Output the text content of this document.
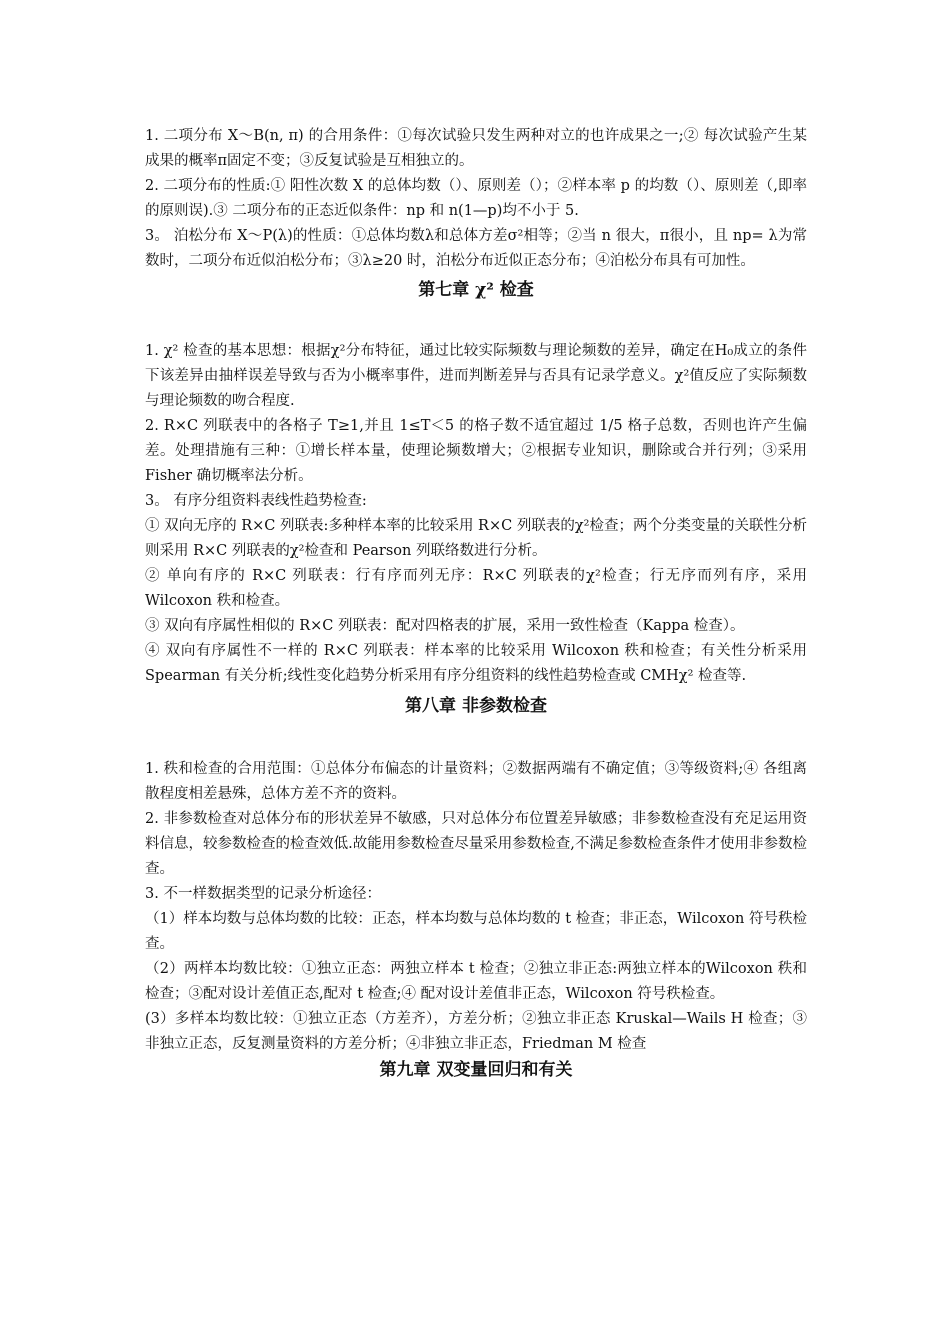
1. 二项分布 X～B(n, π) 的合用条件：①每次试验只发生两种对立的也许成果之一;② 每次试验产生某成果的概率π固定不变；③反复试验是互相独立的。

2. 二项分布的性质:① 阳性次数 X 的总体均数（）、原则差（）；②样本率 p 的均数（）、原则差（,即率的原则误).③ 二项分布的正态近似条件：np 和 n(1—p)均不小于 5.

3。 泊松分布 X～P(λ)的性质：①总体均数λ和总体方差σ²相等；②当 n 很大，π很小，且 np= λ为常数时，二项分布近似泊松分布；③λ≥20 时，泊松分布近似正态分布；④泊松分布具有可加性。

第七章 χ² 检查

1. χ² 检查的基本思想：根据χ²分布特征，通过比较实际频数与理论频数的差异，确定在H₀成立的条件下该差异由抽样误差导致与否为小概率事件，进而判断差异与否具有记录学意义。χ²值反应了实际频数与理论频数的吻合程度.

2. R×C 列联表中的各格子 T≥1,并且 1≤T＜5 的格子数不适宜超过 1/5 格子总数，否则也许产生偏差。处理措施有三种：①增长样本量，使理论频数增大；②根据专业知识，删除或合并行列；③采用 Fisher 确切概率法分析。

3。 有序分组资料表线性趋势检查:

① 双向无序的 R×C 列联表:多种样本率的比较采用 R×C 列联表的χ²检查；两个分类变量的关联性分析则采用 R×C 列联表的χ²检查和 Pearson 列联络数进行分析。

② 单向有序的 R×C 列联表：行有序而列无序：R×C 列联表的χ²检查；行无序而列有序，采用 Wilcoxon 秩和检查。

③ 双向有序属性相似的 R×C 列联表：配对四格表的扩展，采用一致性检查（Kappa 检查）。

④ 双向有序属性不一样的 R×C 列联表：样本率的比较采用 Wilcoxon 秩和检查；有关性分析采用 Spearman 有关分析;线性变化趋势分析采用有序分组资料的线性趋势检查或 CMHχ² 检查等.

第八章 非参数检查

1. 秩和检查的合用范围：①总体分布偏态的计量资料；②数据两端有不确定值；③等级资料;④ 各组离散程度相差悬殊，总体方差不齐的资料。

2. 非参数检查对总体分布的形状差异不敏感，只对总体分布位置差异敏感；非参数检查没有充足运用资料信息，较参数检查的检查效低.故能用参数检查尽量采用参数检查,不满足参数检查条件才使用非参数检查。

3. 不一样数据类型的记录分析途径：

（1）样本均数与总体均数的比较：正态，样本均数与总体均数的 t 检查；非正态，Wilcoxon 符号秩检查。

（2）两样本均数比较：①独立正态：两独立样本 t 检查；②独立非正态:两独立样本的Wilcoxon 秩和检查；③配对设计差值正态,配对 t 检查;④ 配对设计差值非正态，Wilcoxon 符号秩检查。

(3）多样本均数比较：①独立正态（方差齐），方差分析；②独立非正态 Kruskal—Wails H 检查；③非独立正态，反复测量资料的方差分析；④非独立非正态，Friedman M 检查

第九章 双变量回归和有关
